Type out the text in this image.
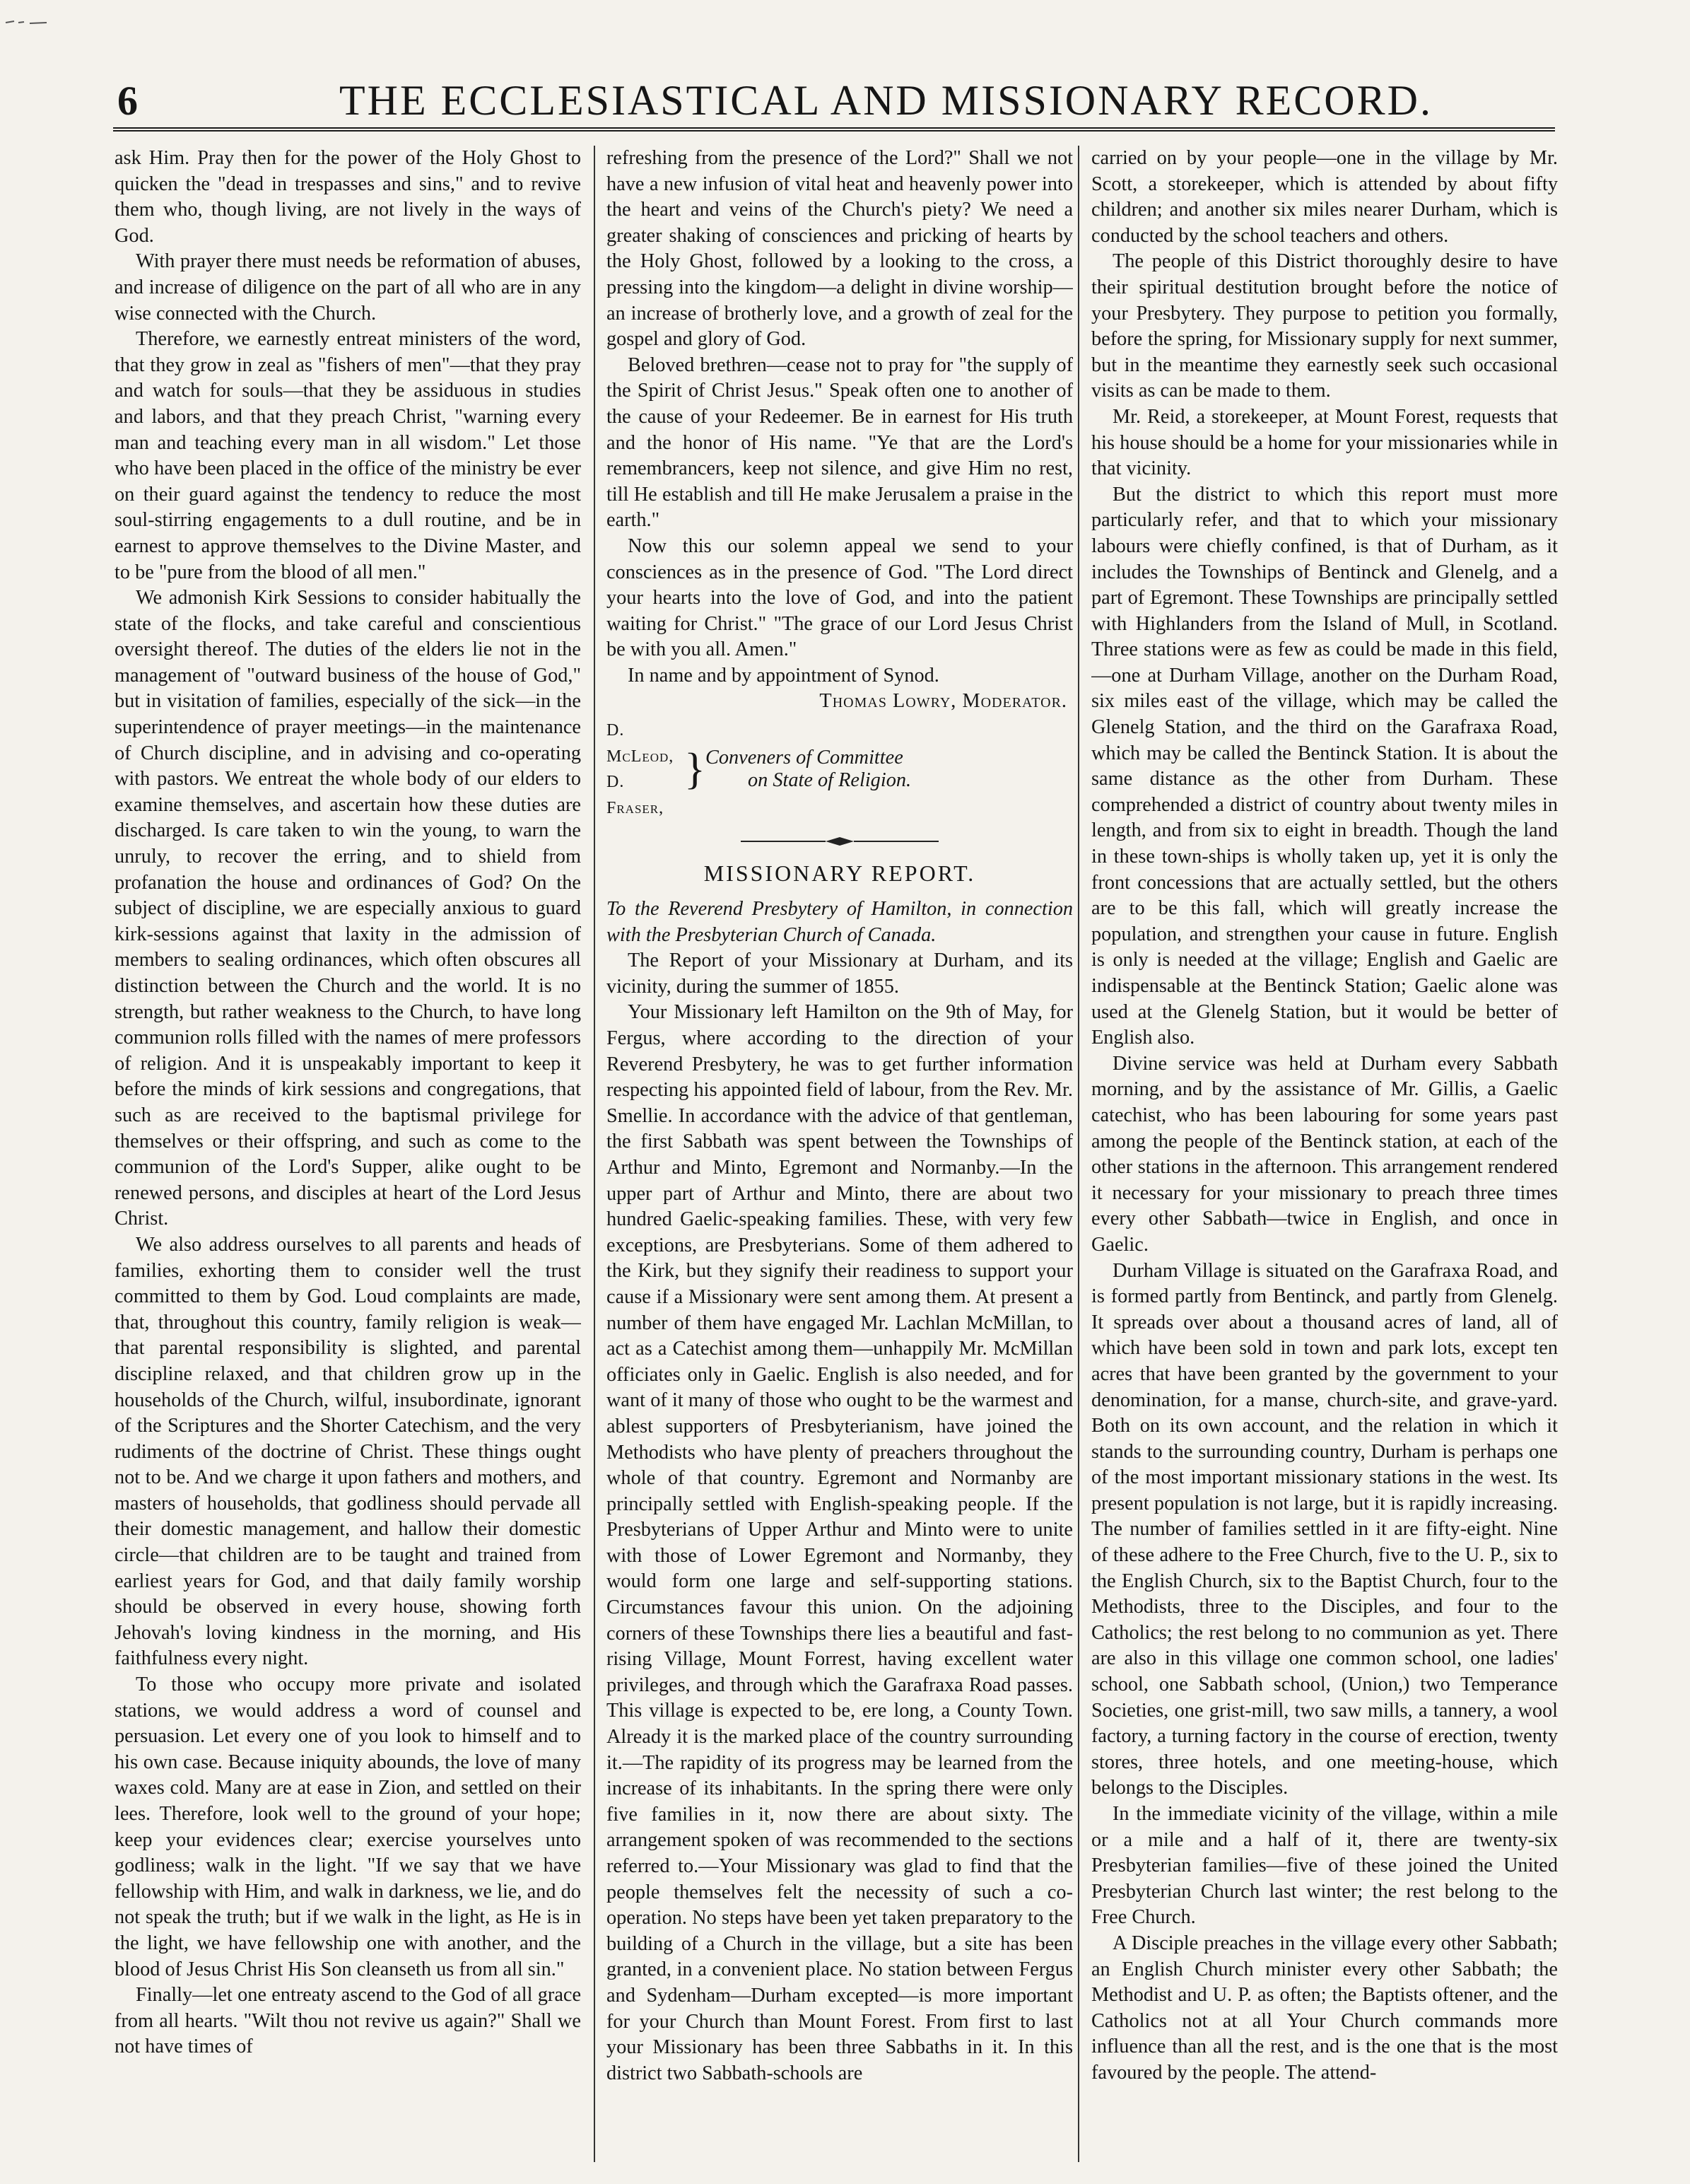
6	THE ECCLESIASTICAL AND MISSIONARY RECORD.

ask Him. Pray then for the power of the Holy Ghost to quicken the "dead in trespasses and sins," and to revive them who, though living, are not lively in the ways of God.

With prayer there must needs be reformation of abuses, and increase of diligence on the part of all who are in any wise connected with the Church.

Therefore, we earnestly entreat ministers of the word, that they grow in zeal as "fishers of men"—that they pray and watch for souls—that they be assiduous in studies and labors, and that they preach Christ, "warning every man and teaching every man in all wisdom." Let those who have been placed in the office of the ministry be ever on their guard against the tendency to reduce the most soul-stirring engagements to a dull routine, and be in earnest to approve themselves to the Divine Master, and to be "pure from the blood of all men."

We admonish Kirk Sessions to consider habitually the state of the flocks, and take careful and conscientious oversight thereof. The duties of the elders lie not in the management of "outward business of the house of God," but in visitation of families, especially of the sick—in the superintendence of prayer meetings—in the maintenance of Church discipline, and in advising and co-operating with pastors. We entreat the whole body of our elders to examine themselves, and ascertain how these duties are discharged. Is care taken to win the young, to warn the unruly, to recover the erring, and to shield from profanation the house and ordinances of God? On the subject of discipline, we are especially anxious to guard kirk-sessions against that laxity in the admission of members to sealing ordinances, which often obscures all distinction between the Church and the world. It is no strength, but rather weakness to the Church, to have long communion rolls filled with the names of mere professors of religion. And it is unspeakably important to keep it before the minds of kirk sessions and congregations, that such as are received to the baptismal privilege for themselves or their offspring, and such as come to the communion of the Lord's Supper, alike ought to be renewed persons, and disciples at heart of the Lord Jesus Christ.

We also address ourselves to all parents and heads of families, exhorting them to consider well the trust committed to them by God. Loud complaints are made, that, throughout this country, family religion is weak—that parental responsibility is slighted, and parental discipline relaxed, and that children grow up in the households of the Church, wilful, insubordinate, ignorant of the Scriptures and the Shorter Catechism, and the very rudiments of the doctrine of Christ. These things ought not to be. And we charge it upon fathers and mothers, and masters of households, that godliness should pervade all their domestic management, and hallow their domestic circle—that children are to be taught and trained from earliest years for God, and that daily family worship should be observed in every house, showing forth Jehovah's loving kindness in the morning, and His faithfulness every night.

To those who occupy more private and isolated stations, we would address a word of counsel and persuasion. Let every one of you look to himself and to his own case. Because iniquity abounds, the love of many waxes cold. Many are at ease in Zion, and settled on their lees. Therefore, look well to the ground of your hope; keep your evidences clear; exercise yourselves unto godliness; walk in the light. "If we say that we have fellowship with Him, and walk in darkness, we lie, and do not speak the truth; but if we walk in the light, as He is in the light, we have fellowship one with another, and the blood of Jesus Christ His Son cleanseth us from all sin."

Finally—let one entreaty ascend to the God of all grace from all hearts. "Wilt thou not revive us again?" Shall we not have times of

refreshing from the presence of the Lord?" Shall we not have a new infusion of vital heat and heavenly power into the heart and veins of the Church's piety? We need a greater shaking of consciences and pricking of hearts by the Holy Ghost, followed by a looking to the cross, a pressing into the kingdom—a delight in divine worship—an increase of brotherly love, and a growth of zeal for the gospel and glory of God.

Beloved brethren—cease not to pray for "the supply of the Spirit of Christ Jesus." Speak often one to another of the cause of your Redeemer. Be in earnest for His truth and the honor of His name. "Ye that are the Lord's remembrancers, keep not silence, and give Him no rest, till He establish and till He make Jerusalem a praise in the earth."

Now this our solemn appeal we send to your consciences as in the presence of God. "The Lord direct your hearts into the love of God, and into the patient waiting for Christ." "The grace of our Lord Jesus Christ be with you all. Amen."

In name and by appointment of Synod.

Thomas Lowry, Moderator.

D. McLeod,
D. Fraser,
} Conveners of Committee
on State of Religion.
MISSIONARY REPORT.

To the Reverend Presbytery of Hamilton, in connection with the Presbyterian Church of Canada.

The Report of your Missionary at Durham, and its vicinity, during the summer of 1855.

Your Missionary left Hamilton on the 9th of May, for Fergus, where according to the direction of your Reverend Presbytery, he was to get further information respecting his appointed field of labour, from the Rev. Mr. Smellie. In accordance with the advice of that gentleman, the first Sabbath was spent between the Townships of Arthur and Minto, Egremont and Normanby.—In the upper part of Arthur and Minto, there are about two hundred Gaelic-speaking families. These, with very few exceptions, are Presbyterians. Some of them adhered to the Kirk, but they signify their readiness to support your cause if a Missionary were sent among them. At present a number of them have engaged Mr. Lachlan McMillan, to act as a Catechist among them—unhappily Mr. McMillan officiates only in Gaelic. English is also needed, and for want of it many of those who ought to be the warmest and ablest supporters of Presbyterianism, have joined the Methodists who have plenty of preachers throughout the whole of that country. Egremont and Normanby are principally settled with English-speaking people. If the Presbyterians of Upper Arthur and Minto were to unite with those of Lower Egremont and Normanby, they would form one large and self-supporting stations. Circumstances favour this union. On the adjoining corners of these Townships there lies a beautiful and fast-rising Village, Mount Forrest, having excellent water privileges, and through which the Garafraxa Road passes. This village is expected to be, ere long, a County Town. Already it is the marked place of the country surrounding it.—The rapidity of its progress may be learned from the increase of its inhabitants. In the spring there were only five families in it, now there are about sixty. The arrangement spoken of was recommended to the sections referred to.—Your Missionary was glad to find that the people themselves felt the necessity of such a co-operation. No steps have been yet taken preparatory to the building of a Church in the village, but a site has been granted, in a convenient place. No station between Fergus and Sydenham—Durham excepted—is more important for your Church than Mount Forest. From first to last your Missionary has been three Sabbaths in it. In this district two Sabbath-schools are

carried on by your people—one in the village by Mr. Scott, a storekeeper, which is attended by about fifty children; and another six miles nearer Durham, which is conducted by the school teachers and others.

The people of this District thoroughly desire to have their spiritual destitution brought before the notice of your Presbytery. They purpose to petition you formally, before the spring, for Missionary supply for next summer, but in the meantime they earnestly seek such occasional visits as can be made to them.

Mr. Reid, a storekeeper, at Mount Forest, requests that his house should be a home for your missionaries while in that vicinity.

But the district to which this report must more particularly refer, and that to which your missionary labours were chiefly confined, is that of Durham, as it includes the Townships of Bentinck and Glenelg, and a part of Egremont. These Townships are principally settled with Highlanders from the Island of Mull, in Scotland. Three stations were as few as could be made in this field,—one at Durham Village, another on the Durham Road, six miles east of the village, which may be called the Glenelg Station, and the third on the Garafraxa Road, which may be called the Bentinck Station. It is about the same distance as the other from Durham. These comprehended a district of country about twenty miles in length, and from six to eight in breadth. Though the land in these town-ships is wholly taken up, yet it is only the front concessions that are actually settled, but the others are to be this fall, which will greatly increase the population, and strengthen your cause in future. English is only is needed at the village; English and Gaelic are indispensable at the Bentinck Station; Gaelic alone was used at the Glenelg Station, but it would be better of English also.

Divine service was held at Durham every Sabbath morning, and by the assistance of Mr. Gillis, a Gaelic catechist, who has been labouring for some years past among the people of the Bentinck station, at each of the other stations in the afternoon. This arrangement rendered it necessary for your missionary to preach three times every other Sabbath—twice in English, and once in Gaelic.

Durham Village is situated on the Garafraxa Road, and is formed partly from Bentinck, and partly from Glenelg. It spreads over about a thousand acres of land, all of which have been sold in town and park lots, except ten acres that have been granted by the government to your denomination, for a manse, church-site, and grave-yard. Both on its own account, and the relation in which it stands to the surrounding country, Durham is perhaps one of the most important missionary stations in the west. Its present population is not large, but it is rapidly increasing. The number of families settled in it are fifty-eight. Nine of these adhere to the Free Church, five to the U. P., six to the English Church, six to the Baptist Church, four to the Methodists, three to the Disciples, and four to the Catholics; the rest belong to no communion as yet. There are also in this village one common school, one ladies' school, one Sabbath school, (Union,) two Temperance Societies, one grist-mill, two saw mills, a tannery, a wool factory, a turning factory in the course of erection, twenty stores, three hotels, and one meeting-house, which belongs to the Disciples.

In the immediate vicinity of the village, within a mile or a mile and a half of it, there are twenty-six Presbyterian families—five of these joined the United Presbyterian Church last winter; the rest belong to the Free Church.

A Disciple preaches in the village every other Sabbath; an English Church minister every other Sabbath; the Methodist and U. P. as often; the Baptists oftener, and the Catholics not at all Your Church commands more influence than all the rest, and is the one that is the most favoured by the people. The attend-
